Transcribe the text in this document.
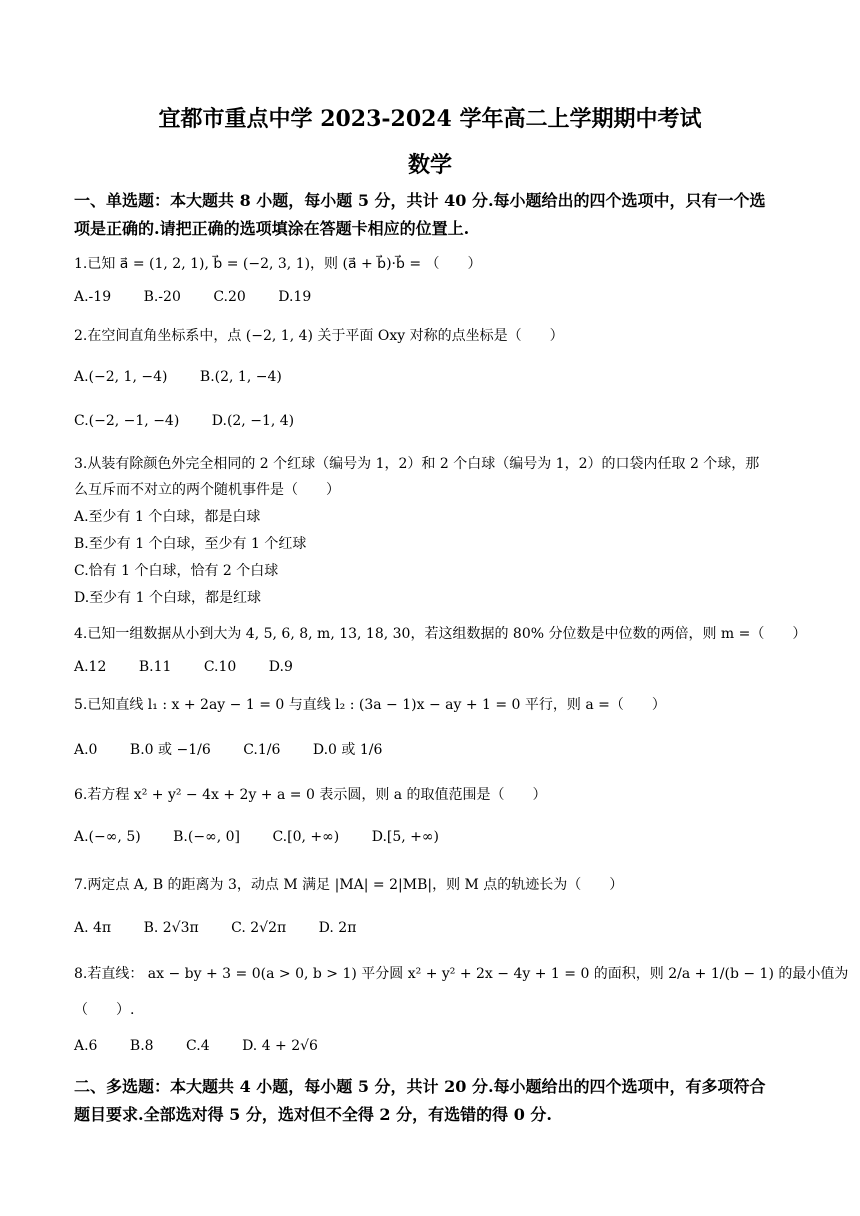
宜都市重点中学 2023-2024 学年高二上学期期中考试
数学
一、单选题：本大题共 8 小题，每小题 5 分，共计 40 分.每小题给出的四个选项中，只有一个选
项是正确的.请把正确的选项填涂在答题卡相应的位置上.
1.已知 a⃗ = (1, 2, 1), b⃗ = (−2, 3, 1)，则 (a⃗ + b⃗)·b⃗ = （　　）
A.-19 B.-20 C.20 D.19
2.在空间直角坐标系中，点 (−2, 1, 4) 关于平面 Oxy 对称的点坐标是（　　）
A.(−2, 1, −4) B.(2, 1, −4)
C.(−2, −1, −4) D.(2, −1, 4)
3.从装有除颜色外完全相同的 2 个红球（编号为 1，2）和 2 个白球（编号为 1，2）的口袋内任取 2 个球，那
么互斥而不对立的两个随机事件是（　　）
A.至少有 1 个白球，都是白球
B.至少有 1 个白球，至少有 1 个红球
C.恰有 1 个白球，恰有 2 个白球
D.至少有 1 个白球，都是红球
4.已知一组数据从小到大为 4, 5, 6, 8, m, 13, 18, 30，若这组数据的 80% 分位数是中位数的两倍，则 m =（　　）
A.12 B.11 C.10 D.9
5.已知直线 l₁ : x + 2ay − 1 = 0 与直线 l₂ : (3a − 1)x − ay + 1 = 0 平行，则 a =（　　）
A.0 B.0 或 −1/6 C.1/6 D.0 或 1/6
6.若方程 x² + y² − 4x + 2y + a = 0 表示圆，则 a 的取值范围是（　　）
A.(−∞, 5) B.(−∞, 0] C.[0, +∞) D.[5, +∞)
7.两定点 A, B 的距离为 3，动点 M 满足 |MA| = 2|MB|，则 M 点的轨迹长为（　　）
A. 4π B. 2√3π C. 2√2π D. 2π
8.若直线： ax − by + 3 = 0(a > 0, b > 1) 平分圆 x² + y² + 2x − 4y + 1 = 0 的面积，则 2/a + 1/(b − 1) 的最小值为
（　　）.
A.6 B.8 C.4 D. 4 + 2√6
二、多选题：本大题共 4 小题，每小题 5 分，共计 20 分.每小题给出的四个选项中，有多项符合
题目要求.全部选对得 5 分，选对但不全得 2 分，有选错的得 0 分.
